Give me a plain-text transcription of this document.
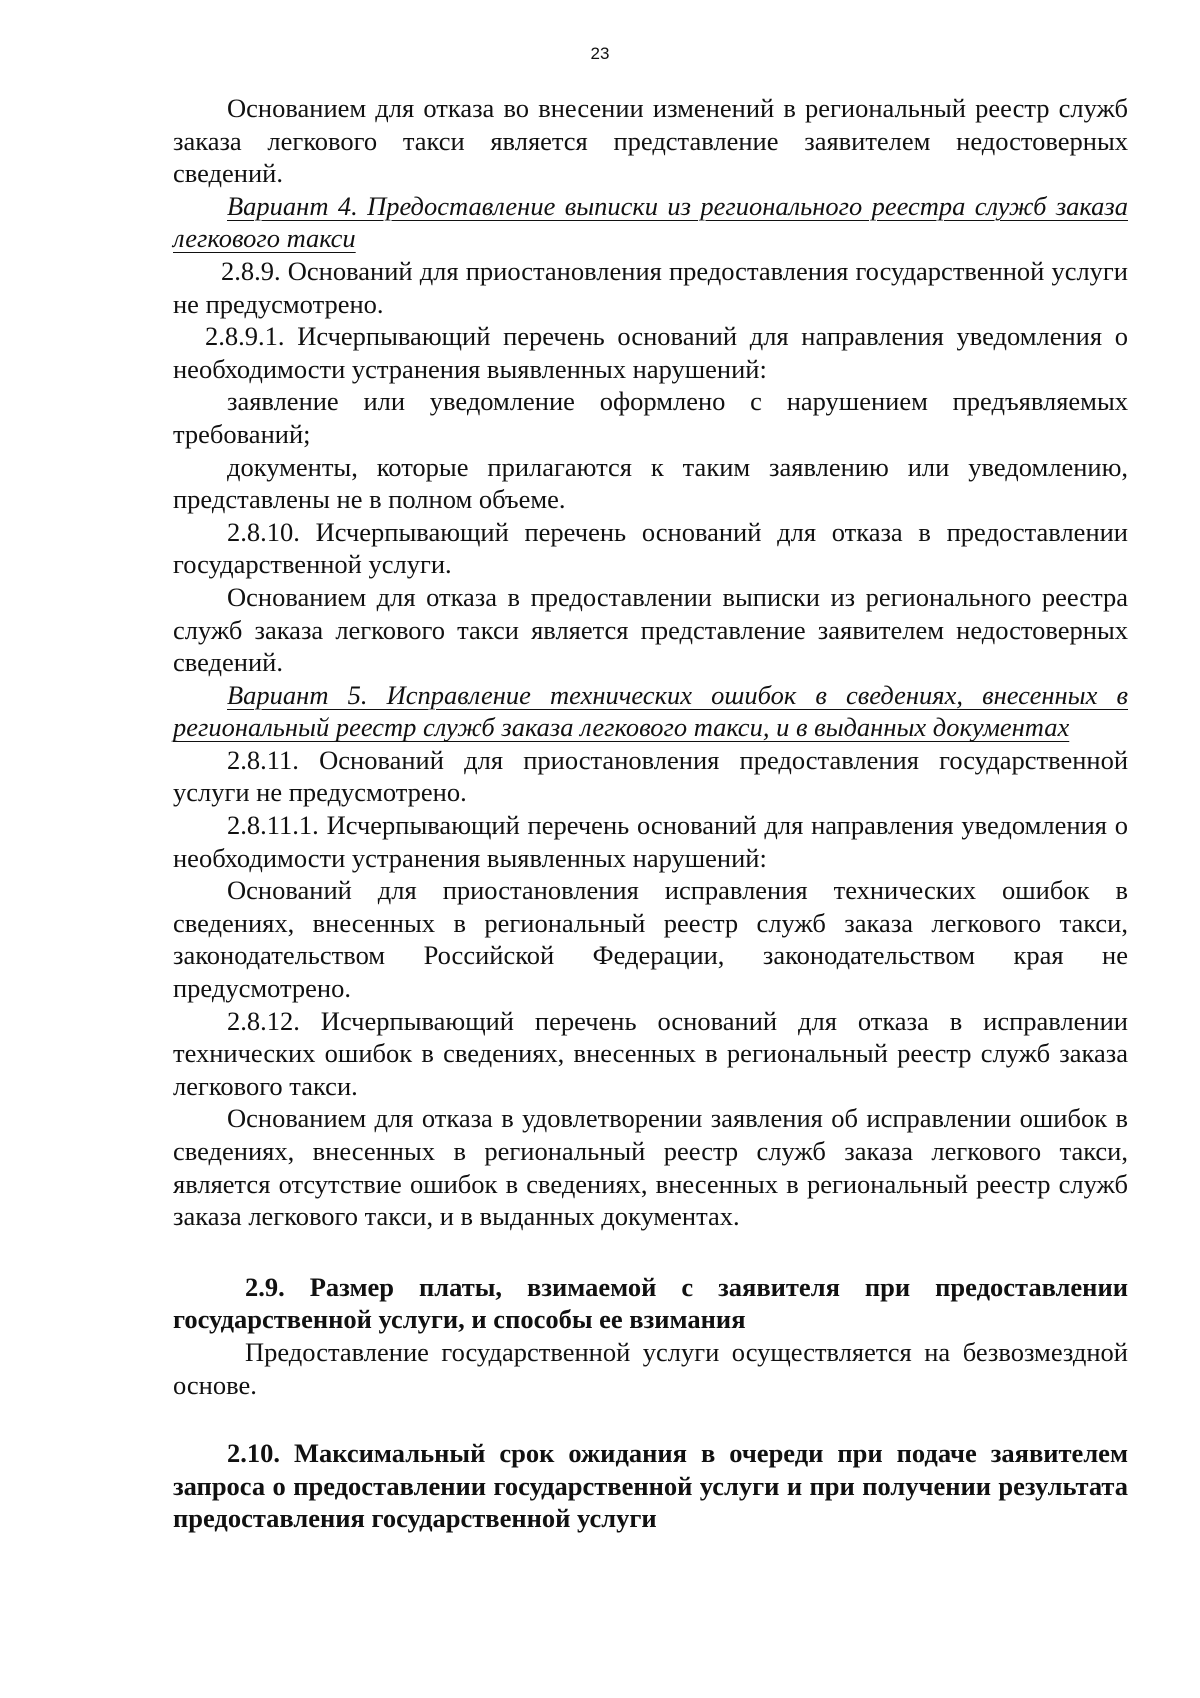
23

Основанием для отказа во внесении изменений в региональный реестр служб заказа легкового такси является представление заявителем недостоверных сведений.

Вариант 4. Предоставление выписки из регионального реестра служб заказа легкового такси

2.8.9. Оснований для приостановления предоставления государственной услуги не предусмотрено.

2.8.9.1. Исчерпывающий перечень оснований для направления уведомления о необходимости устранения выявленных нарушений:

заявление или уведомление оформлено с нарушением предъявляемых требований;

документы, которые прилагаются к таким заявлению или уведомлению, представлены не в полном объеме.

2.8.10. Исчерпывающий перечень оснований для отказа в предоставлении государственной услуги.

Основанием для отказа в предоставлении выписки из регионального реестра служб заказа легкового такси является представление заявителем недостоверных сведений.

Вариант 5. Исправление технических ошибок в сведениях, внесенных в региональный реестр служб заказа легкового такси, и в выданных документах

2.8.11. Оснований для приостановления предоставления государственной услуги не предусмотрено.

2.8.11.1. Исчерпывающий перечень оснований для направления уведомления о необходимости устранения выявленных нарушений:

Оснований для приостановления исправления технических ошибок в сведениях, внесенных в региональный реестр служб заказа легкового такси, законодательством Российской Федерации, законодательством края не предусмотрено.

2.8.12. Исчерпывающий перечень оснований для отказа в исправлении технических ошибок в сведениях, внесенных в региональный реестр служб заказа легкового такси.

Основанием для отказа в удовлетворении заявления об исправлении ошибок в сведениях, внесенных в региональный реестр служб заказа легкового такси, является отсутствие ошибок в сведениях, внесенных в региональный реестр служб заказа легкового такси, и в выданных документах.

2.9. Размер платы, взимаемой с заявителя при предоставлении государственной услуги, и способы ее взимания

Предоставление государственной услуги осуществляется на безвозмездной основе.

2.10. Максимальный срок ожидания в очереди при подаче заявителем запроса о предоставлении государственной услуги и при получении результата предоставления государственной услуги
